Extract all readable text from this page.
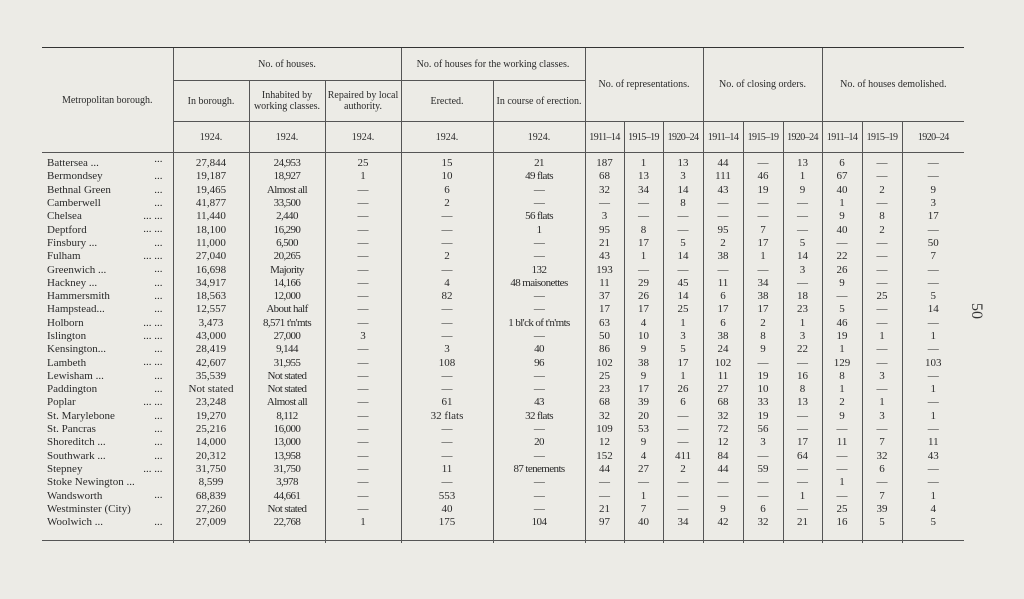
Metropolitan borough.	No. of houses.			No. of houses for the working classes.		No. of representations.			No. of closing orders.			No. of houses demolished.		
	In borough.	Inhabited by working classes.	Repaired by local authority.	Erected.	In course of erection.									
	1924.	1924.	1924.	1924.	1924.	1911–14	1915–19	1920–24	1911–14	1915–19	1920–24	1911–14	1915–19	1920–24
Battersea ... ...	27,844	24,953	25	15	21	187	1	13	44	—	13	6	—	—
Bermondsey ...	19,187	18,927	1	10	49 flats	68	13	3	111	46	1	67	—	—
Bethnal Green ...	19,465	Almost all	—	6	—	32	34	14	43	19	9	40	2	9
Camberwell ...	41,877	33,500	—	2	—	—	—	8	—	—	—	1	—	3
Chelsea ... ...	11,440	2,440	—	—	56 flats	3	—	—	—	—	—	9	8	17
Deptford ... ...	18,100	16,290	—	—	1	95	8	—	95	7	—	40	2	—
Finsbury ... ...	11,000	6,500	—	—	—	21	17	5	2	17	5	—	—	50
Fulham ... ...	27,040	20,265	—	2	—	43	1	14	38	1	14	22	—	7
Greenwich ... ...	16,698	Majority	—	—	132	193	—	—	—	—	3	26	—	—
Hackney ... ...	34,917	14,166	—	4	48 maisonettes	11	29	45	11	34	—	9	—	—
Hammersmith ...	18,563	12,000	—	82	—	37	26	14	6	38	18	—	25	5
Hampstead... ...	12,557	About half	—	—	—	17	17	25	17	17	23	5	—	14
Holborn ... ...	3,473	8,571 t'n'mts	—	—	1 bl'ck of t'n'mts	63	4	1	6	2	1	46	—	—
Islington ... ...	43,000	27,000	3	—	—	50	10	3	38	8	3	19	1	1
Kensington... ...	28,419	9,144	—	3	40	86	9	5	24	9	22	1	—	—
Lambeth ... ...	42,607	31,955	—	108	96	102	38	17	102	—	—	129	—	103
Lewisham ... ...	35,539	Not stated	—	—	—	25	9	1	11	19	16	8	3	—
Paddington ...	Not stated	Not stated	—	—	—	23	17	26	27	10	8	1	—	1
Poplar ... ...	23,248	Almost all	—	61	43	68	39	6	68	33	13	2	1	—
St. Marylebone ...	19,270	8,112	—	32 flats	32 flats	32	20	—	32	19	—	9	3	1
St. Pancras ...	25,216	16,000	—	—	—	109	53	—	72	56	—	—	—	—
Shoreditch ... ...	14,000	13,000	—	—	20	12	9	—	12	3	17	11	7	11
Southwark ... ...	20,312	13,958	—	—	—	152	4	411	84	—	64	—	32	43
Stepney ... ...	31,750	31,750	—	11	87 tenements	44	27	2	44	59	—	—	6	—
Stoke Newington ...	8,599	3,978	—	—	—	—	—	—	—	—	—	1	—	—
Wandsworth ...	68,839	44,661	—	553	—	—	1	—	—	—	1	—	7	1
Westminster (City)	27,260	Not stated	—	40	—	21	7	—	9	6	—	25	39	4
Woolwich ... ...	27,009	22,768	1	175	104	97	40	34	42	32	21	16	5	5

50
